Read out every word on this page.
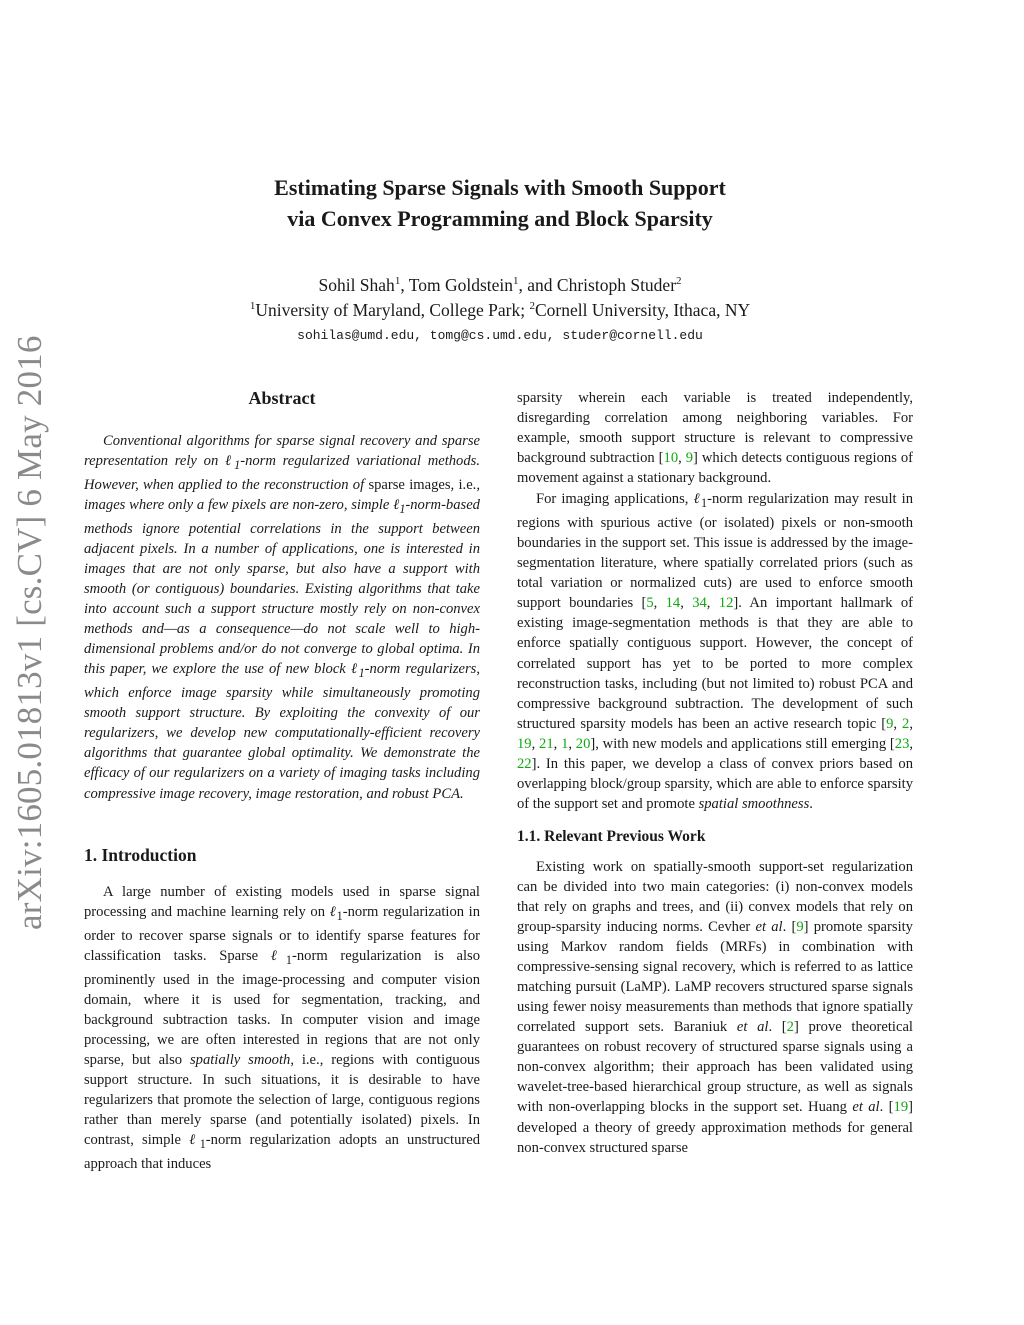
arXiv:1605.01813v1 [cs.CV] 6 May 2016
Estimating Sparse Signals with Smooth Support
via Convex Programming and Block Sparsity
Sohil Shah$^1$, Tom Goldstein$^1$, and Christoph Studer$^2$
$^1$University of Maryland, College Park; $^2$Cornell University, Ithaca, NY
sohilas@umd.edu, tomg@cs.umd.edu, studer@cornell.edu
Abstract

Conventional algorithms for sparse signal recovery and sparse representation rely on ℓ$_1$-norm regularized variational methods. However, when applied to the reconstruction of sparse images, i.e., images where only a few pixels are non-zero, simple ℓ$_1$-norm-based methods ignore potential correlations in the support between adjacent pixels. In a number of applications, one is interested in images that are not only sparse, but also have a support with smooth (or contiguous) boundaries. Existing algorithms that take into account such a support structure mostly rely on non-convex methods and—as a consequence—do not scale well to high-dimensional problems and/or do not converge to global optima. In this paper, we explore the use of new block ℓ$_1$-norm regularizers, which enforce image sparsity while simultaneously promoting smooth support structure. By exploiting the convexity of our regularizers, we develop new computationally-efficient recovery algorithms that guarantee global optimality. We demonstrate the efficacy of our regularizers on a variety of imaging tasks including compressive image recovery, image restoration, and robust PCA.

1. Introduction

A large number of existing models used in sparse signal processing and machine learning rely on ℓ$_1$-norm regularization in order to recover sparse signals or to identify sparse features for classification tasks. Sparse ℓ$_1$-norm regularization is also prominently used in the image-processing and computer vision domain, where it is used for segmentation, tracking, and background subtraction tasks. In computer vision and image processing, we are often interested in regions that are not only sparse, but also spatially smooth, i.e., regions with contiguous support structure. In such situations, it is desirable to have regularizers that promote the selection of large, contiguous regions rather than merely sparse (and potentially isolated) pixels. In contrast, simple ℓ$_1$-norm regularization adopts an unstructured approach that induces

sparsity wherein each variable is treated independently, disregarding correlation among neighboring variables. For example, smooth support structure is relevant to compressive background subtraction [10, 9] which detects contiguous regions of movement against a stationary background.

For imaging applications, ℓ$_1$-norm regularization may result in regions with spurious active (or isolated) pixels or non-smooth boundaries in the support set. This issue is addressed by the image-segmentation literature, where spatially correlated priors (such as total variation or normalized cuts) are used to enforce smooth support boundaries [5, 14, 34, 12]. An important hallmark of existing image-segmentation methods is that they are able to enforce spatially contiguous support. However, the concept of correlated support has yet to be ported to more complex reconstruction tasks, including (but not limited to) robust PCA and compressive background subtraction. The development of such structured sparsity models has been an active research topic [9, 2, 19, 21, 1, 20], with new models and applications still emerging [23, 22]. In this paper, we develop a class of convex priors based on overlapping block/group sparsity, which are able to enforce sparsity of the support set and promote spatial smoothness.

1.1. Relevant Previous Work

Existing work on spatially-smooth support-set regularization can be divided into two main categories: (i) non-convex models that rely on graphs and trees, and (ii) convex models that rely on group-sparsity inducing norms. Cevher et al. [9] promote sparsity using Markov random fields (MRFs) in combination with compressive-sensing signal recovery, which is referred to as lattice matching pursuit (LaMP). LaMP recovers structured sparse signals using fewer noisy measurements than methods that ignore spatially correlated support sets. Baraniuk et al. [2] prove theoretical guarantees on robust recovery of structured sparse signals using a non-convex algorithm; their approach has been validated using wavelet-tree-based hierarchical group structure, as well as signals with non-overlapping blocks in the support set. Huang et al. [19] developed a theory of greedy approximation methods for general non-convex structured sparse
